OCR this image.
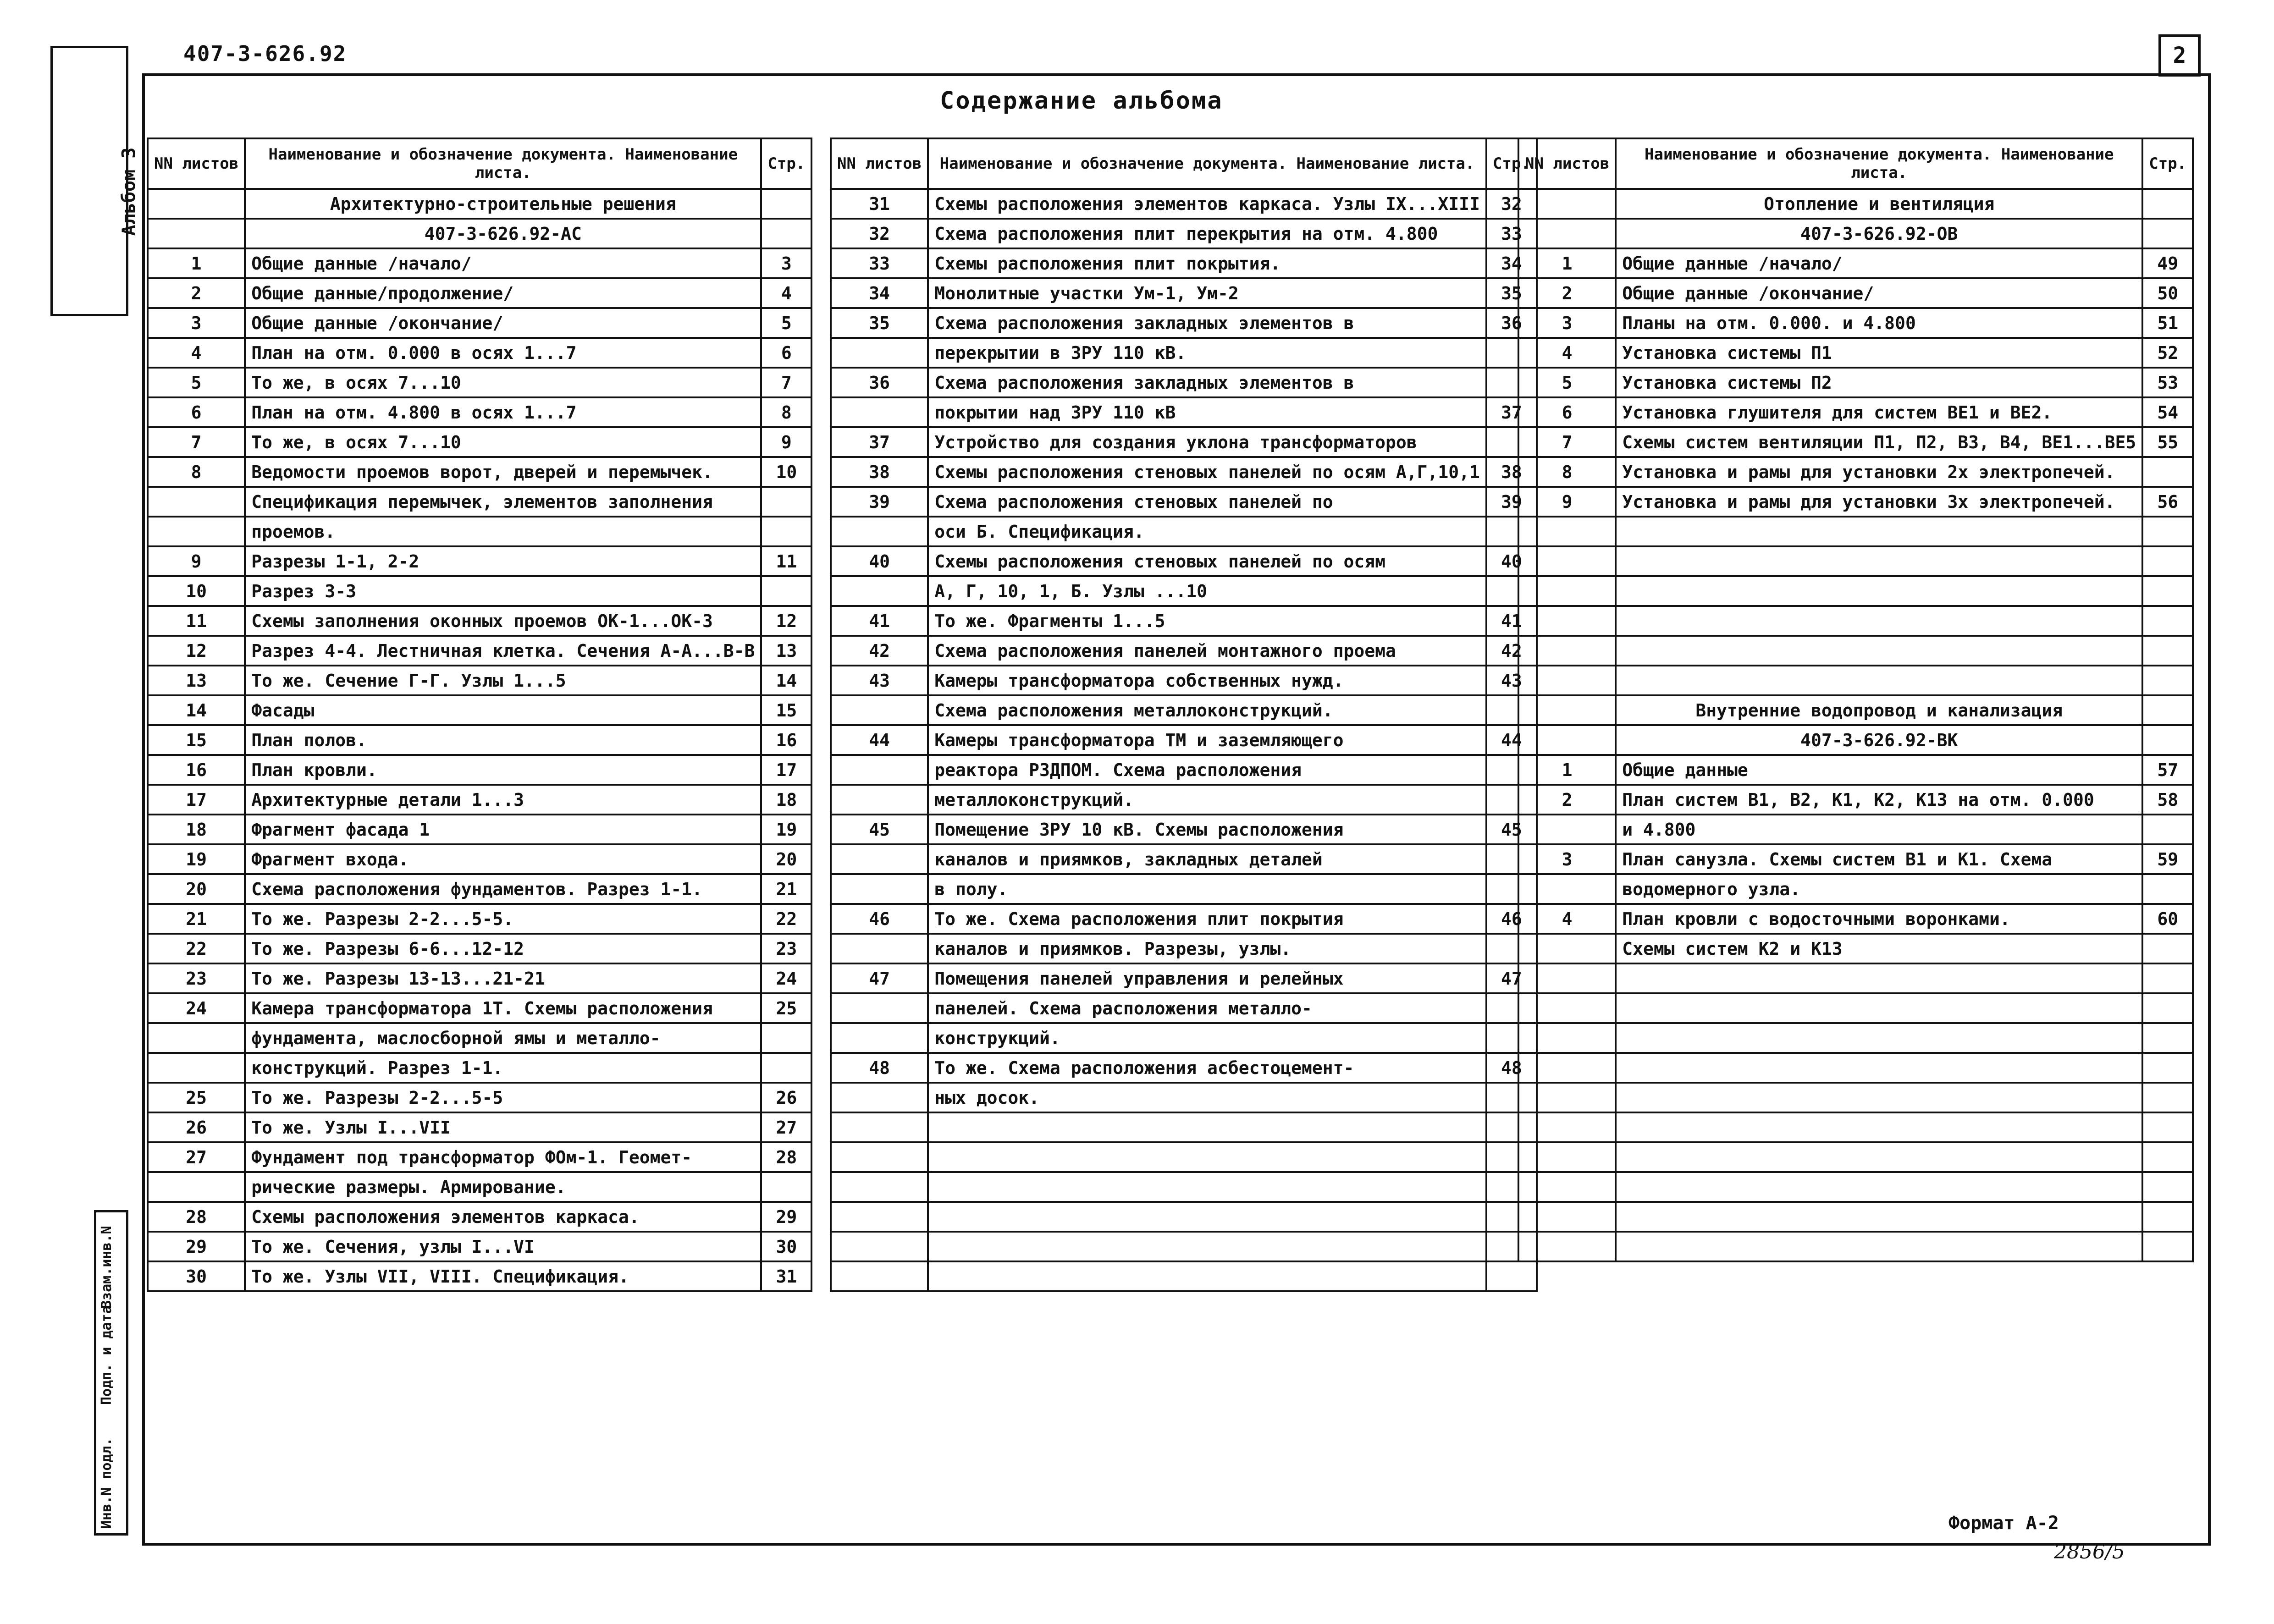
407-3-626.92	2
Содержание альбома
Альбом 3
Инв.N подл.
Подп. и дата
Взам.инв.N
NN листов	Наименование и обозначение документа. Наименование листа.	Стр.
	Архитектурно-строительные решения	
	407-3-626.92-АС	
1	Общие данные /начало/	3
2	Общие данные/продолжение/	4
3	Общие данные /окончание/	5
4	План на отм. 0.000 в осях 1...7	6
5	То же, в осях 7...10	7
6	План на отм. 4.800 в осях 1...7	8
7	То же, в осях 7...10	9
8	Ведомости проемов ворот, дверей и перемычек.	10
	Спецификация перемычек, элементов заполнения	
	проемов.	
9	Разрезы 1-1, 2-2	11
10	Разрез 3-3	
11	Схемы заполнения оконных проемов ОК-1...ОК-3	12
12	Разрез 4-4. Лестничная клетка. Сечения А-А...В-В	13
13	То же. Сечение Г-Г. Узлы 1...5	14
14	Фасады	15
15	План полов.	16
16	План кровли.	17
17	Архитектурные детали 1...3	18
18	Фрагмент фасада 1	19
19	Фрагмент входа.	20
20	Схема расположения фундаментов. Разрез 1-1.	21
21	То же. Разрезы 2-2...5-5.	22
22	То же. Разрезы 6-6...12-12	23
23	То же. Разрезы 13-13...21-21	24
24	Камера трансформатора 1Т. Схемы расположения	25
	фундамента, маслосборной ямы и металло-	
	конструкций. Разрез 1-1.	
25	То же. Разрезы 2-2...5-5	26
26	То же. Узлы I...VII	27
27	Фундамент под трансформатор ФОм-1. Геомет-	28
	рические размеры. Армирование.	
28	Схемы расположения элементов каркаса.	29
29	То же. Сечения, узлы I...VI	30
30	То же. Узлы VII, VIII. Спецификация.	31
NN листов	Наименование и обозначение документа. Наименование листа.	Стр.
31	Схемы расположения элементов каркаса. Узлы IX...XIII	32
32	Схема расположения плит перекрытия на отм. 4.800	33
33	Схемы расположения плит покрытия.	34
34	Монолитные участки Ум-1, Ум-2	35
35	Схема расположения закладных элементов в	36
	перекрытии в ЗРУ 110 кВ.	
36	Схема расположения закладных элементов в	
	покрытии над ЗРУ 110 кВ	37
37	Устройство для создания уклона трансформаторов	
38	Схемы расположения стеновых панелей по осям А,Г,10,1	38
39	Схема расположения стеновых панелей по	39
	оси Б. Спецификация.	
40	Схемы расположения стеновых панелей по осям	40
	А, Г, 10, 1, Б. Узлы ...10	
41	То же. Фрагменты 1...5	41
42	Схема расположения панелей монтажного проема	42
43	Камеры трансформатора собственных нужд.	43
	Схема расположения металлоконструкций.	
44	Камеры трансформатора ТМ и заземляющего	44
	реактора РЗДПОМ. Схема расположения	
	металлоконструкций.	
45	Помещение ЗРУ 10 кВ. Схемы расположения	45
	каналов и приямков, закладных деталей	
	в полу.	
46	То же. Схема расположения плит покрытия	46
	каналов и приямков. Разрезы, узлы.	
47	Помещения панелей управления и релейных	47
	панелей. Схема расположения металло-	
	конструкций.	
48	То же. Схема расположения асбестоцемент-	48
	ных досок.	

NN листов	Наименование и обозначение документа. Наименование листа.	Стр.
	Отопление и вентиляция	
	407-3-626.92-ОВ	
1	Общие данные /начало/	49
2	Общие данные /окончание/	50
3	Планы на отм. 0.000. и 4.800	51
4	Установка системы П1	52
5	Установка системы П2	53
6	Установка глушителя для систем ВЕ1 и ВЕ2.	54
7	Схемы систем вентиляции П1, П2, В3, В4, ВЕ1...ВЕ5	55
8	Установка и рамы для установки 2х электропечей.	
9	Установка и рамы для установки 3х электропечей.	56

	Внутренние водопровод и канализация	
	407-3-626.92-ВК	
1	Общие данные	57
2	План систем В1, В2, К1, К2, К13 на отм. 0.000	58
	и 4.800	
3	План санузла. Схемы систем В1 и К1. Схема	59
	водомерного узла.	
4	План кровли с водосточными воронками.	60
	Схемы систем К2 и К13	

Формат А-2
2856/5
